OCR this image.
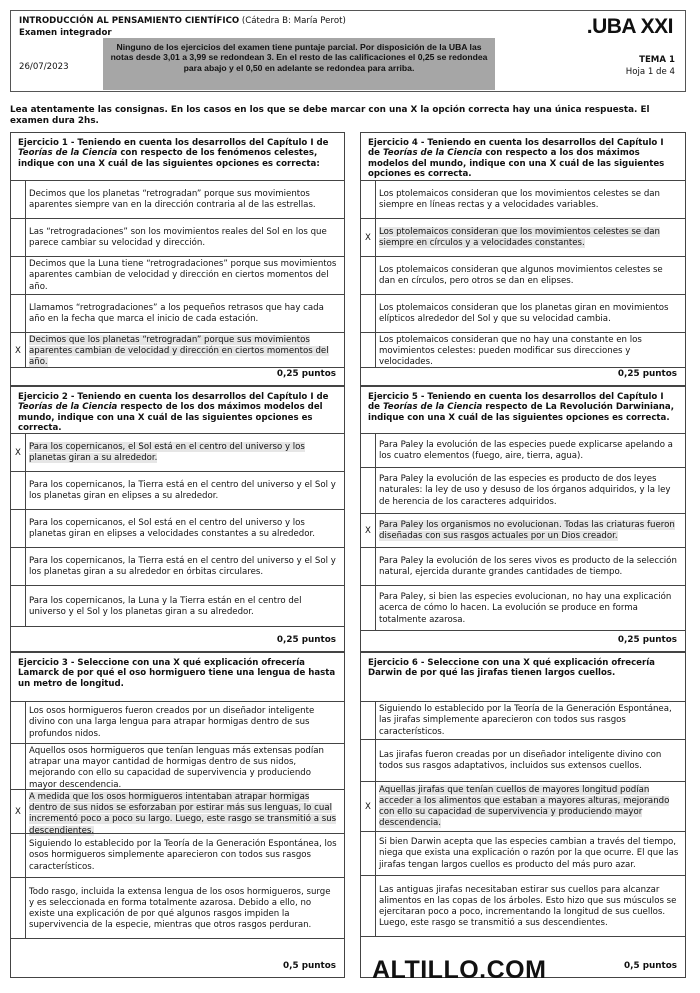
INTRODUCCIÓN AL PENSAMIENTO CIENTÍFICO (Cátedra B: María Perot)
Examen integrador
26/07/2023
.UBA XXI
TEMA 1
Hoja 1 de 4
Ninguno de los ejercicios del examen tiene puntaje parcial. Por disposición de la UBA las notas desde 3,01 a 3,99 se redondean 3. En el resto de las calificaciones el 0,25 se redondea para abajo y el 0,50 en adelante se redondea para arriba.
Lea atentamente las consignas. En los casos en los que se debe marcar con una X la opción correcta hay una única respuesta. El examen dura 2hs.
Ejercicio 1 - Teniendo en cuenta los desarrollos del Capítulo I de Teorías de la Ciencia con respecto de los fenómenos celestes, indique con una X cuál de las siguientes opciones es correcta:
Decimos que los planetas “retrogradan” porque sus movimientos aparentes siempre van en la dirección contraria al de las estrellas.
Las “retrogradaciones” son los movimientos reales del Sol en los que parece cambiar su velocidad y dirección.
Decimos que la Luna tiene “retrogradaciones” porque sus movimientos aparentes cambian de velocidad y dirección en ciertos momentos del año.
Llamamos “retrogradaciones” a los pequeños retrasos que hay cada año en la fecha que marca el inicio de cada estación.
X
Decimos que los planetas “retrogradan” porque sus movimientos aparentes cambian de velocidad y dirección en ciertos momentos del año.
0,25 puntos
Ejercicio 2 - Teniendo en cuenta los desarrollos del Capítulo I de Teorías de la Ciencia respecto de los dos máximos modelos del mundo, indique con una X cuál de las siguientes opciones es correcta.
X
Para los copernicanos, el Sol está en el centro del universo y los planetas giran a su alrededor.
Para los copernicanos, la Tierra está en el centro del universo y el Sol y los planetas giran en elipses a su alrededor.
Para los copernicanos, el Sol está en el centro del universo y los planetas giran en elipses a velocidades constantes a su alrededor.
Para los copernicanos, la Tierra está en el centro del universo y el Sol y los planetas giran a su alrededor en órbitas circulares.
Para los copernicanos, la Luna y la Tierra están en el centro del universo y el Sol y los planetas giran a su alrededor.
0,25 puntos
Ejercicio 3 - Seleccione con una X qué explicación ofrecería Lamarck de por qué el oso hormiguero tiene una lengua de hasta un metro de longitud.
Los osos hormigueros fueron creados por un diseñador inteligente divino con una larga lengua para atrapar hormigas dentro de sus profundos nidos.
Aquellos osos hormigueros que tenían lenguas más extensas podían atrapar una mayor cantidad de hormigas dentro de sus nidos, mejorando con ello su capacidad de supervivencia y produciendo mayor descendencia.
X
A medida que los osos hormigueros intentaban atrapar hormigas dentro de sus nidos se esforzaban por estirar más sus lenguas, lo cual incrementó poco a poco su largo. Luego, este rasgo se transmitió a sus descendientes.
Siguiendo lo establecido por la Teoría de la Generación Espontánea, los osos hormigueros simplemente aparecieron con todos sus rasgos característicos.
Todo rasgo, incluida la extensa lengua de los osos hormigueros, surge y es seleccionada en forma totalmente azarosa. Debido a ello, no existe una explicación de por qué algunos rasgos impiden la supervivencia de la especie, mientras que otros rasgos perduran.
0,5 puntos
Ejercicio 4 - Teniendo en cuenta los desarrollos del Capítulo I de Teorías de la Ciencia con respecto a los dos máximos modelos del mundo, indique con una X cuál de las siguientes opciones es correcta.
Los ptolemaicos consideran que los movimientos celestes se dan siempre en líneas rectas y a velocidades variables.
X
Los ptolemaicos consideran que los movimientos celestes se dan siempre en círculos y a velocidades constantes.
Los ptolemaicos consideran que algunos movimientos celestes se dan en círculos, pero otros se dan en elipses.
Los ptolemaicos consideran que los planetas giran en movimientos elípticos alrededor del Sol y que su velocidad cambia.
Los ptolemaicos consideran que no hay una constante en los movimientos celestes: pueden modificar sus direcciones y velocidades.
0,25 puntos
Ejercicio 5 - Teniendo en cuenta los desarrollos del Capítulo I de Teorías de la Ciencia respecto de La Revolución Darwiniana, indique con una X cuál de las siguientes opciones es correcta.
Para Paley la evolución de las especies puede explicarse apelando a los cuatro elementos (fuego, aire, tierra, agua).
Para Paley la evolución de las especies es producto de dos leyes naturales: la ley de uso y desuso de los órganos adquiridos, y la ley de herencia de los caracteres adquiridos.
X
Para Paley los organismos no evolucionan. Todas las criaturas fueron diseñadas con sus rasgos actuales por un Dios creador.
Para Paley la evolución de los seres vivos es producto de la selección natural, ejercida durante grandes cantidades de tiempo.
Para Paley, si bien las especies evolucionan, no hay una explicación acerca de cómo lo hacen. La evolución se produce en forma totalmente azarosa.
0,25 puntos
Ejercicio 6 - Seleccione con una X qué explicación ofrecería Darwin de por qué las jirafas tienen largos cuellos.
Siguiendo lo establecido por la Teoría de la Generación Espontánea, las jirafas simplemente aparecieron con todos sus rasgos característicos.
Las jirafas fueron creadas por un diseñador inteligente divino con todos sus rasgos adaptativos, incluidos sus extensos cuellos.
X
Aquellas jirafas que tenían cuellos de mayores longitud podían acceder a los alimentos que estaban a mayores alturas, mejorando con ello su capacidad de supervivencia y produciendo mayor descendencia.
Si bien Darwin acepta que las especies cambian a través del tiempo, niega que exista una explicación o razón por la que ocurre. El que las jirafas tengan largos cuellos es producto del más puro azar.
Las antiguas jirafas necesitaban estirar sus cuellos para alcanzar alimentos en las copas de los árboles. Esto hizo que sus músculos se ejercitaran poco a poco, incrementando la longitud de sus cuellos. Luego, este rasgo se transmitió a sus descendientes.
0,5 puntos
ALTILLO.COM
